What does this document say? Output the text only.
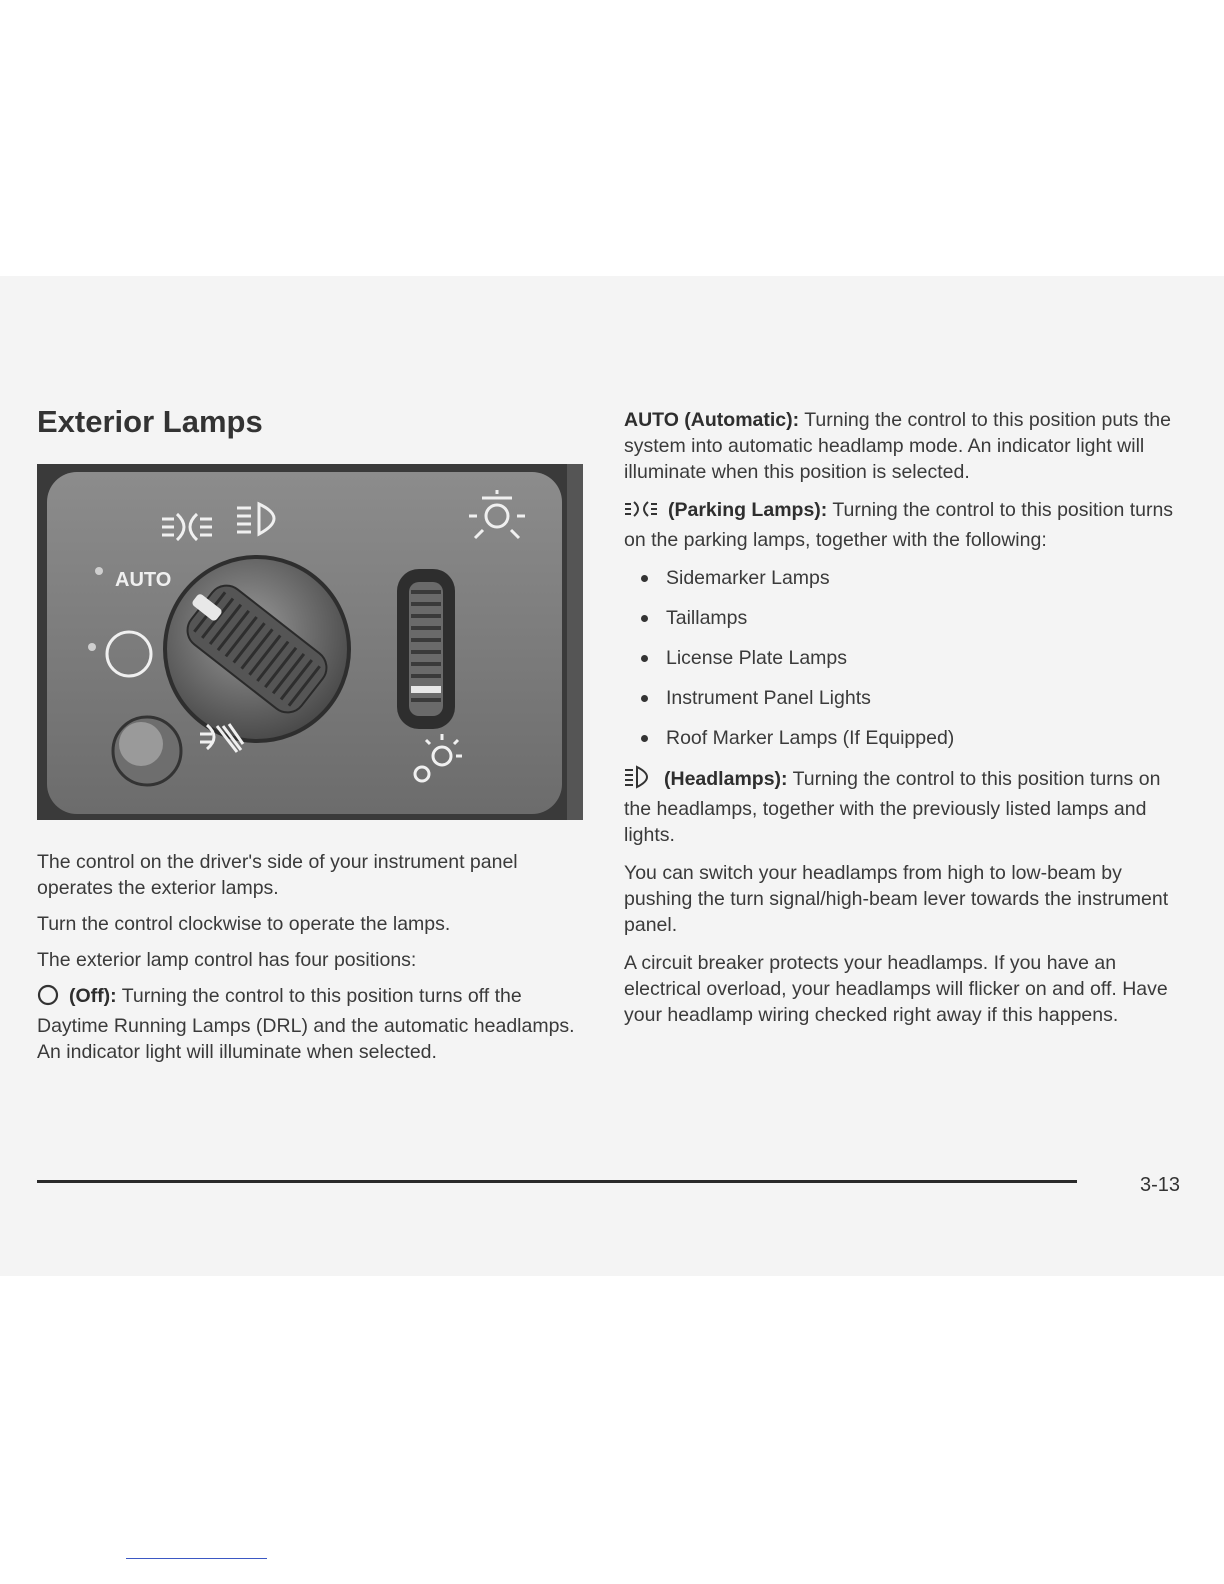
Exterior Lamps
AUTO

The control on the driver's side of your instrument panel operates the exterior lamps.

Turn the control clockwise to operate the lamps.

The exterior lamp control has four positions:

(Off): Turning the control to this position turns off the Daytime Running Lamps (DRL) and the automatic headlamps. An indicator light will illuminate when selected.

AUTO (Automatic): Turning the control to this position puts the system into automatic headlamp mode. An indicator light will illuminate when this position is selected.

(Parking Lamps): Turning the control to this position turns on the parking lamps, together with the following:

Sidemarker Lamps
Taillamps
License Plate Lamps
Instrument Panel Lights
Roof Marker Lamps (If Equipped)

(Headlamps): Turning the control to this position turns on the headlamps, together with the previously listed lamps and lights.

You can switch your headlamps from high to low-beam by pushing the turn signal/high-beam lever towards the instrument panel.

A circuit breaker protects your headlamps. If you have an electrical overload, your headlamps will flicker on and off. Have your headlamp wiring checked right away if this happens.

3-13
